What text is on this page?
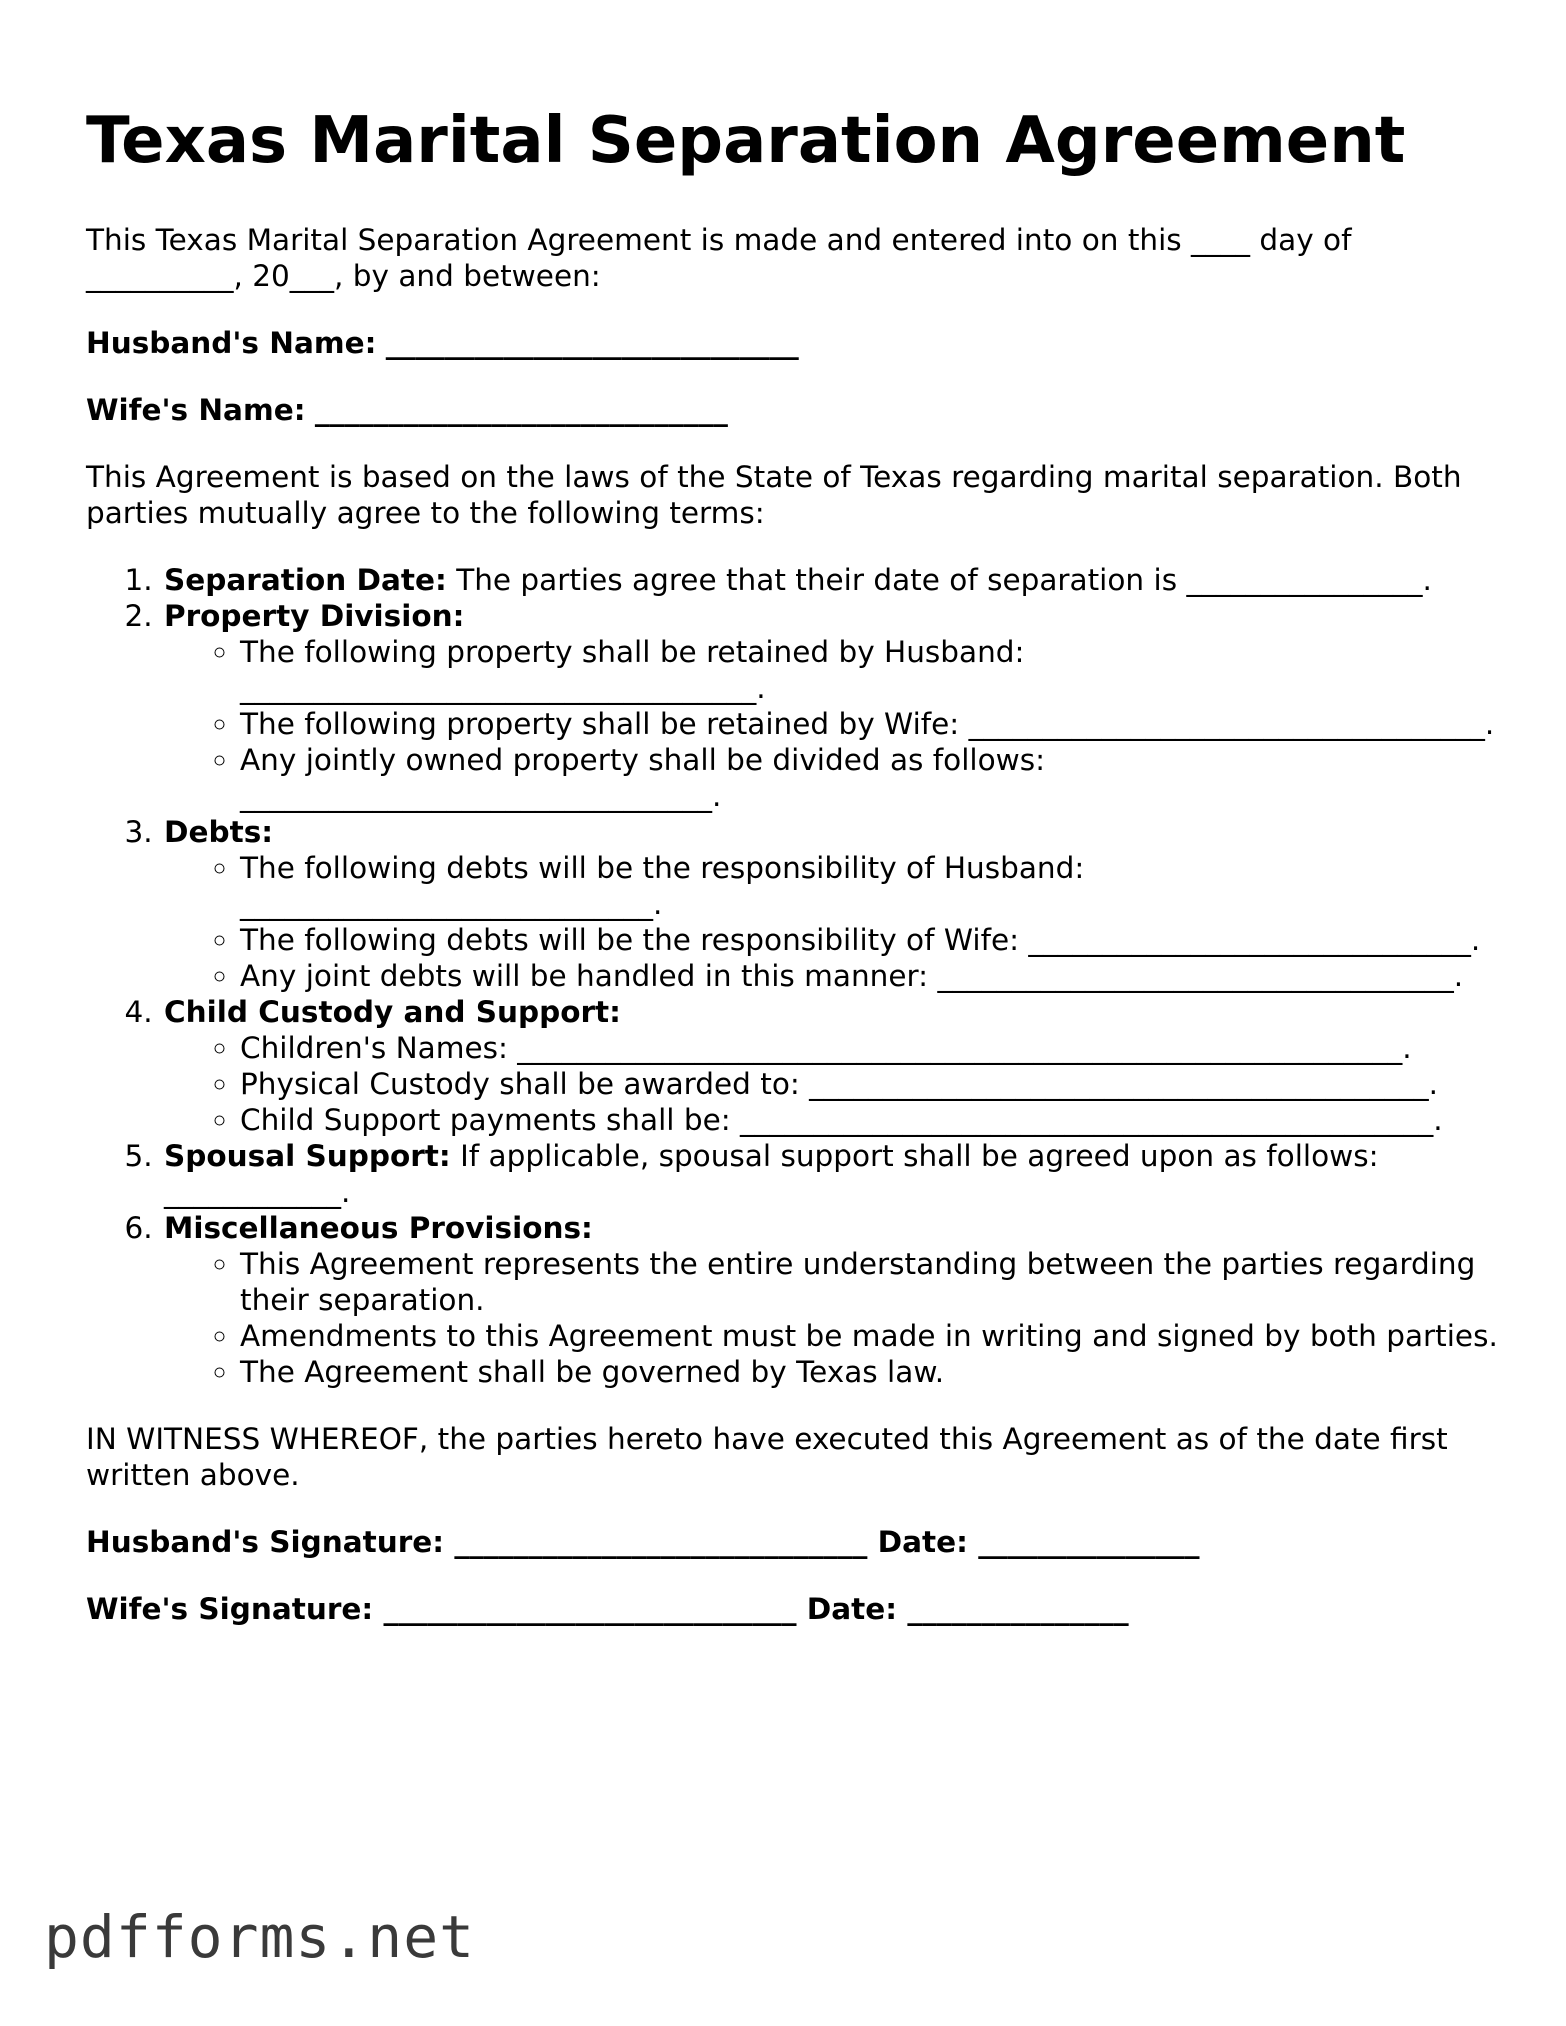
Texas Marital Separation Agreement

This Texas Marital Separation Agreement is made and entered into on this ____ day of __________, 20___, by and between:

Husband's Name: ____________________________

Wife's Name: ____________________________

This Agreement is based on the laws of the State of Texas regarding marital separation. Both parties mutually agree to the following terms:

1. Separation Date: The parties agree that their date of separation is ________________.
2. Property Division:
◦ The following property shall be retained by Husband: ___________________________________.
◦ The following property shall be retained by Wife: ___________________________________.
◦ Any jointly owned property shall be divided as follows: ________________________________.
3. Debts:
◦ The following debts will be the responsibility of Husband: ____________________________.
◦ The following debts will be the responsibility of Wife: ______________________________.
◦ Any joint debts will be handled in this manner: ___________________________________.
4. Child Custody and Support:
◦ Children's Names: ____________________________________________________________.
◦ Physical Custody shall be awarded to: __________________________________________.
◦ Child Support payments shall be: _______________________________________________.
5. Spousal Support: If applicable, spousal support shall be agreed upon as follows: ____________.
6. Miscellaneous Provisions:
◦ This Agreement represents the entire understanding between the parties regarding their separation.
◦ Amendments to this Agreement must be made in writing and signed by both parties.
◦ The Agreement shall be governed by Texas law.

IN WITNESS WHEREOF, the parties hereto have executed this Agreement as of the date first written above.

Husband's Signature: ____________________________ Date: _______________

Wife's Signature: ____________________________ Date: _______________

pdfforms.net
